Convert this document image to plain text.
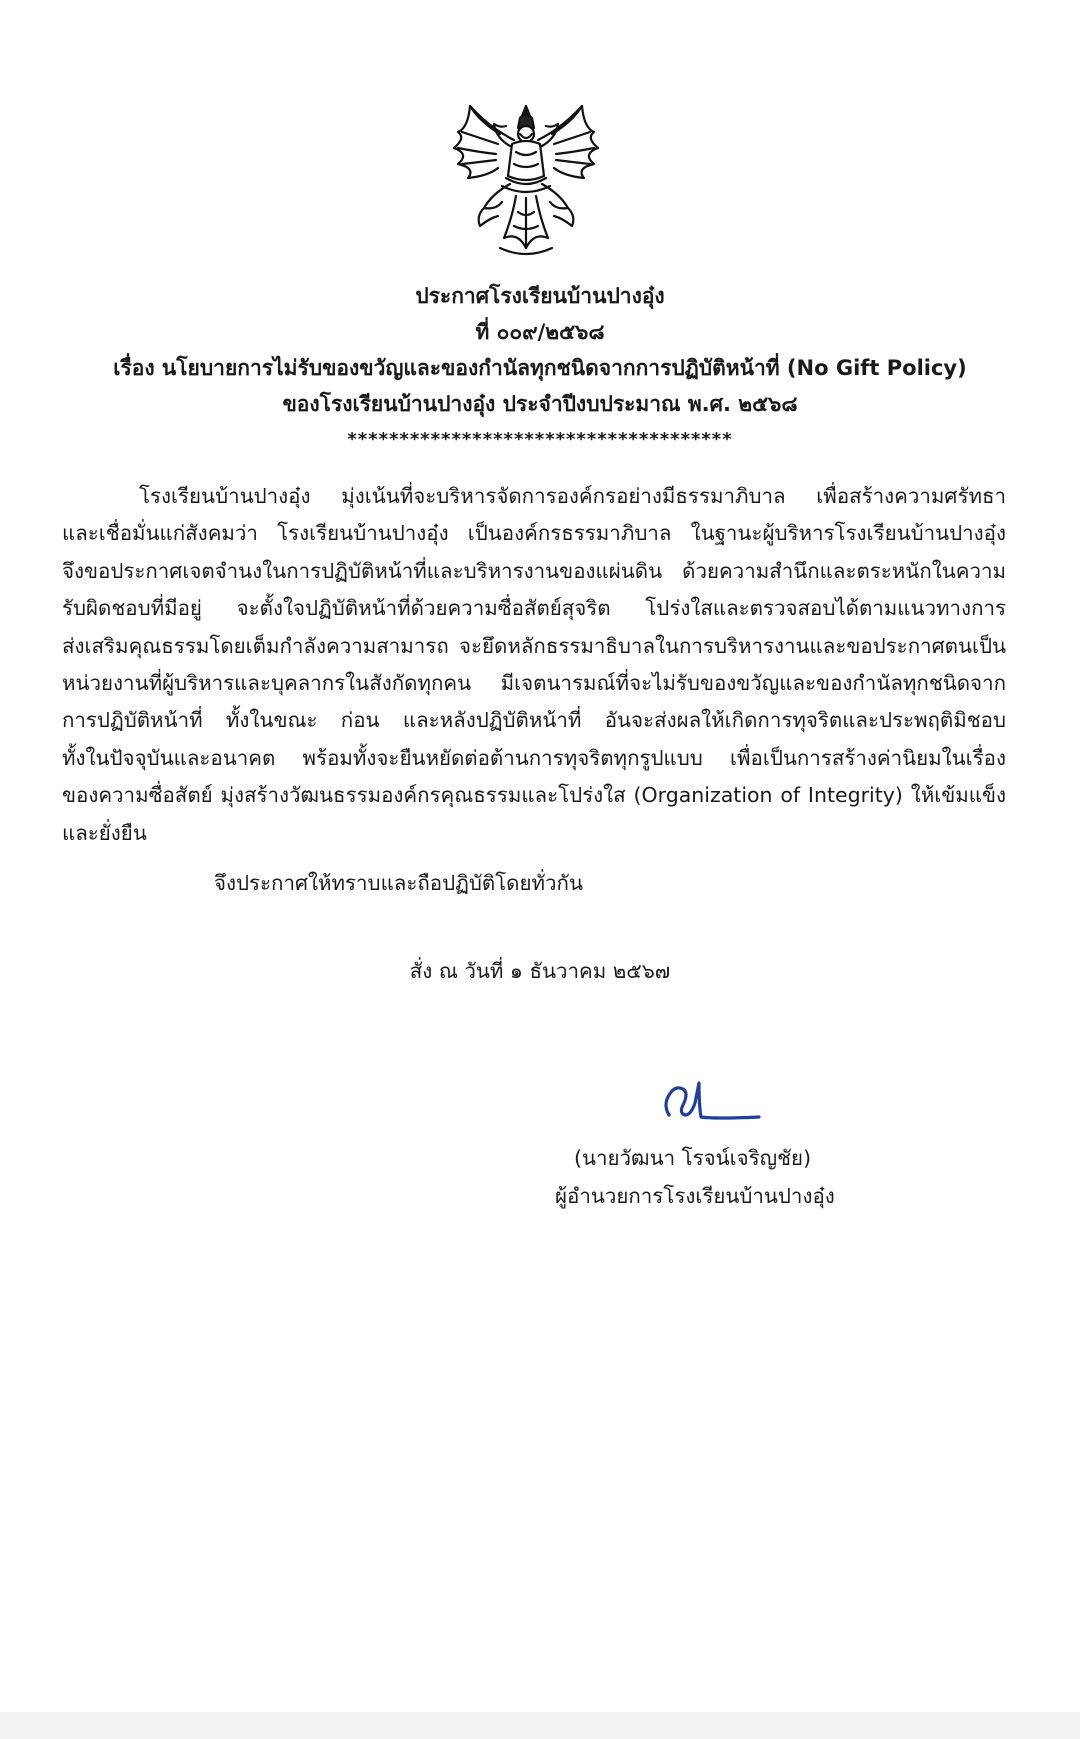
ประกาศโรงเรียนบ้านปางอุ๋ง
ที่ ๐๐๙/๒๕๖๘
เรื่อง นโยบายการไม่รับของขวัญและของกำนัลทุกชนิดจากการปฏิบัติหน้าที่ (No Gift Policy)
ของโรงเรียนบ้านปางอุ๋ง ประจำปีงบประมาณ พ.ศ. ๒๕๖๘
*************************************
โรงเรียนบ้านปางอุ๋ง มุ่งเน้นที่จะบริหารจัดการองค์กรอย่างมีธรรมาภิบาล เพื่อสร้างความศรัทธา
และเชื่อมั่นแก่สังคมว่า โรงเรียนบ้านปางอุ๋ง เป็นองค์กรธรรมาภิบาล ในฐานะผู้บริหารโรงเรียนบ้านปางอุ๋ง
จึงขอประกาศเจตจำนงในการปฏิบัติหน้าที่และบริหารงานของแผ่นดิน ด้วยความสำนึกและตระหนักในความ
รับผิดชอบที่มีอยู่ จะตั้งใจปฏิบัติหน้าที่ด้วยความซื่อสัตย์สุจริต โปร่งใสและตรวจสอบได้ตามแนวทางการ
ส่งเสริมคุณธรรมโดยเต็มกำลังความสามารถ จะยึดหลักธรรมาธิบาลในการบริหารงานและขอประกาศตนเป็น
หน่วยงานที่ผู้บริหารและบุคลากรในสังกัดทุกคน มีเจตนารมณ์ที่จะไม่รับของขวัญและของกำนัลทุกชนิดจาก
การปฏิบัติหน้าที่ ทั้งในขณะ ก่อน และหลังปฏิบัติหน้าที่ อันจะส่งผลให้เกิดการทุจริตและประพฤติมิชอบ
ทั้งในปัจจุบันและอนาคต พร้อมทั้งจะยืนหยัดต่อต้านการทุจริตทุกรูปแบบ เพื่อเป็นการสร้างค่านิยมในเรื่อง
ของความซื่อสัตย์ มุ่งสร้างวัฒนธรรมองค์กรคุณธรรมและโปร่งใส (Organization of Integrity) ให้เข้มแข็ง
และยั่งยืน
จึงประกาศให้ทราบและถือปฏิบัติโดยทั่วกัน
สั่ง ณ วันที่ ๑ ธันวาคม ๒๕๖๗
(นายวัฒนา โรจน์เจริญชัย)
ผู้อำนวยการโรงเรียนบ้านปางอุ๋ง
